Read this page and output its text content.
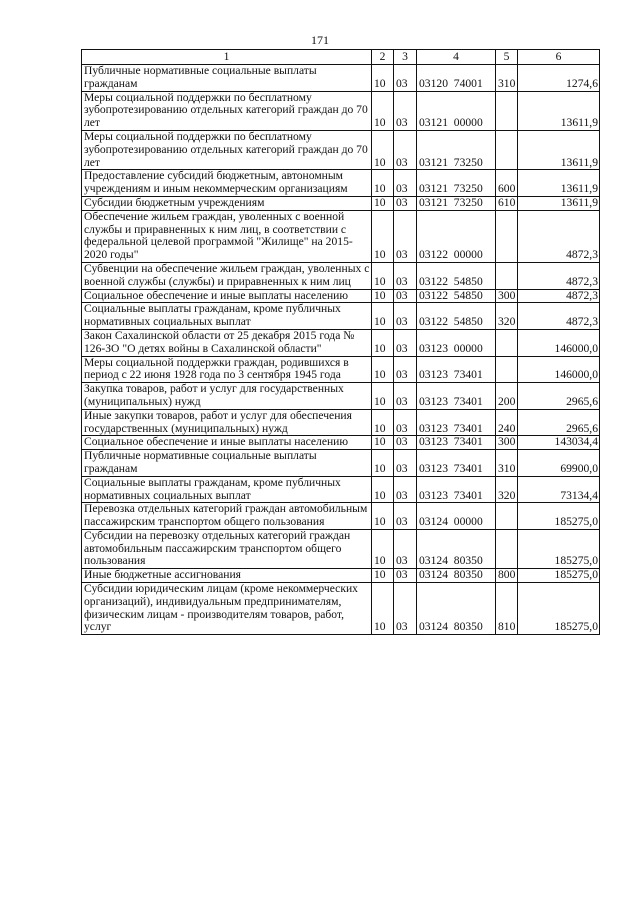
171
1	2	3	4	5	6
Публичные нормативные социальные выплаты гражданам	10	03	03120  74001	310	1274,6
Меры социальной поддержки по бесплатному зубопротезированию отдельных категорий граждан до 70 лет	10	03	03121  00000		13611,9
Меры социальной поддержки по бесплатному зубопротезированию отдельных категорий граждан до 70 лет	10	03	03121  73250		13611,9
Предоставление субсидий бюджетным, автономным учреждениям и иным некоммерческим организациям	10	03	03121  73250	600	13611,9
Субсидии бюджетным учреждениям	10	03	03121  73250	610	13611,9
Обеспечение жильем граждан, уволенных с военной службы и приравненных к ним лиц, в соответствии с федеральной целевой программой "Жилище" на 2015-2020 годы"	10	03	03122  00000		4872,3
Субвенции на обеспечение жильем граждан, уволенных с военной службы (службы) и приравненных к ним лиц	10	03	03122  54850		4872,3
Социальное обеспечение и иные выплаты населению	10	03	03122  54850	300	4872,3
Социальные выплаты гражданам, кроме публичных нормативных социальных выплат	10	03	03122  54850	320	4872,3
Закон Сахалинской области от 25 декабря 2015 года № 126-ЗО "О детях войны в Сахалинской области"	10	03	03123  00000		146000,0
Меры социальной поддержки граждан, родившихся в период с 22 июня 1928 года по 3 сентября 1945 года	10	03	03123  73401		146000,0
Закупка товаров, работ и услуг для государственных (муниципальных) нужд	10	03	03123  73401	200	2965,6
Иные закупки товаров, работ и услуг для обеспечения государственных (муниципальных) нужд	10	03	03123  73401	240	2965,6
Социальное обеспечение и иные выплаты населению	10	03	03123  73401	300	143034,4
Публичные нормативные социальные выплаты гражданам	10	03	03123  73401	310	69900,0
Социальные выплаты гражданам, кроме публичных нормативных социальных выплат	10	03	03123  73401	320	73134,4
Перевозка отдельных категорий граждан автомобильным пассажирским транспортом общего пользования	10	03	03124  00000		185275,0
Субсидии на перевозку отдельных категорий граждан автомобильным пассажирским транспортом общего пользования	10	03	03124  80350		185275,0
Иные бюджетные ассигнования	10	03	03124  80350	800	185275,0
Субсидии юридическим лицам (кроме некоммерческих организаций), индивидуальным предпринимателям, физическим лицам - производителям товаров, работ, услуг	10	03	03124  80350	810	185275,0
